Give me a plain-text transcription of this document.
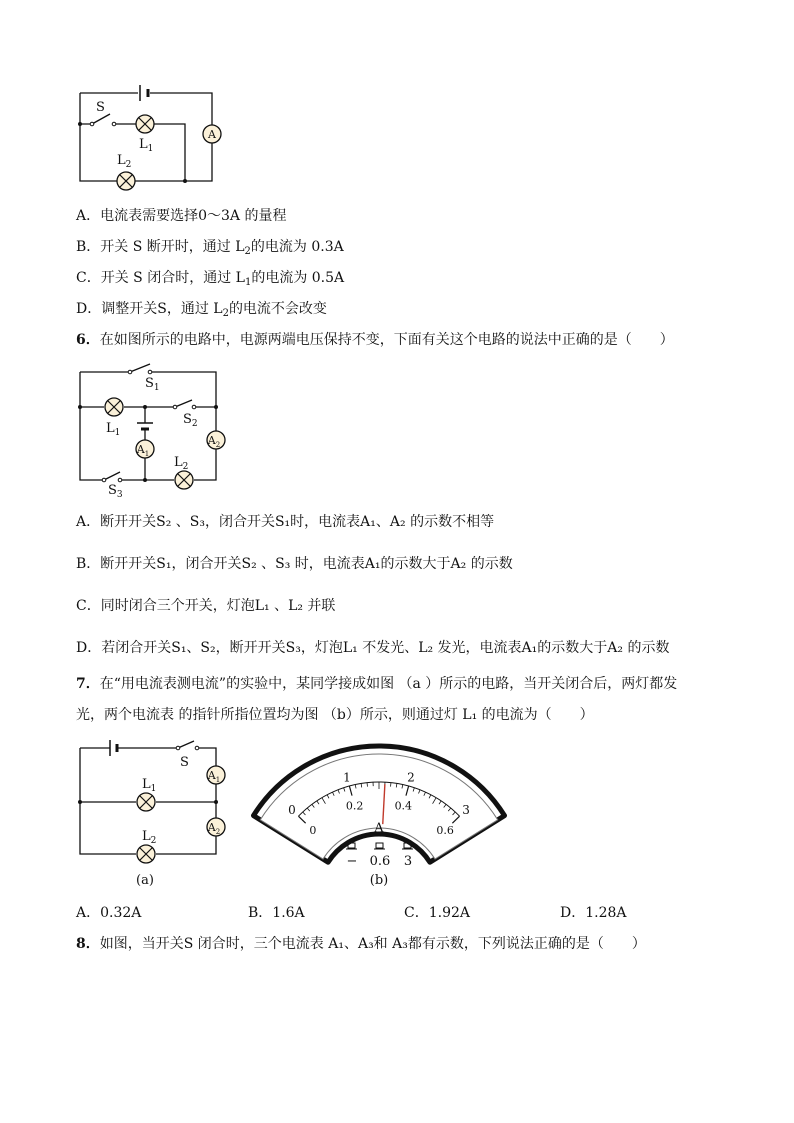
A
S
$L_1$
$L_2$
A．电流表需要选择0～3A 的量程
B．开关 S 断开时，通过 $L_2$的电流为 0.3A
C．开关 S 闭合时，通过 $L_1$的电流为 0.5A
D．调整开关S，通过 $L_2$的电流不会改变
6．在如图所示的电路中，电源两端电压保持不变，下面有关这个电路的说法中正确的是（　　）
$A_1$
$A_2$
$S_1$
$S_2$
$L_1$
$L_2$
$S_3$
A．断开开关S₂ 、S₃，闭合开关S₁时，电流表A₁、A₂ 的示数不相等
B．断开开关S₁，闭合开关S₂ 、S₃ 时，电流表A₁的示数大于A₂ 的示数
C．同时闭合三个开关，灯泡L₁ 、L₂ 并联
D．若闭合开关S₁、S₂，断开开关S₃，灯泡L₁ 不发光、L₂ 发光，电流表A₁的示数大于A₂ 的示数
7．在“用电流表测电流”的实验中，某同学接成如图 （a ）所示的电路，当开关闭合后，两灯都发
光，两个电流表 的指针所指位置均为图 （b）所示，则通过灯 L₁ 的电流为（　　）
$A_1$
$A_2$
S
$L_1$
$L_2$
(a)
0
1	2
3
0
0.2	0.4
0.6
A
− 0.6 3
(b)
A．0.32A	B．1.6A	C．1.92A	D．1.28A
8．如图，当开关S 闭合时，三个电流表 A₁、A₃和 A₃都有示数，下列说法正确的是（　　）
